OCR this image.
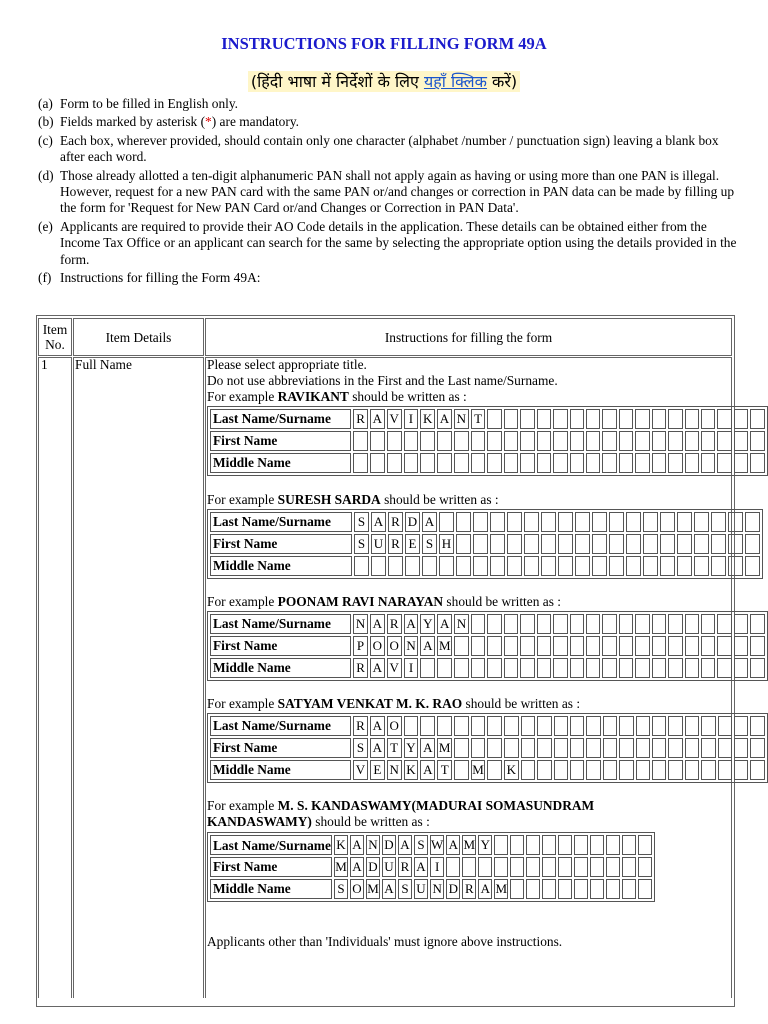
INSTRUCTIONS FOR FILLING FORM 49A
(हिंदी भाषा में निर्देशों के लिए यहाँ क्लिक करें)
(a) Form to be filled in English only.
(b) Fields marked by asterisk (*) are mandatory.
(c) Each box, wherever provided, should contain only one character (alphabet /number / punctuation sign) leaving a blank box after each word.
(d) Those already allotted a ten-digit alphanumeric PAN shall not apply again as having or using more than one PAN is illegal. However, request for a new PAN card with the same PAN or/and changes or correction in PAN data can be made by filling up the form for 'Request for New PAN Card or/and Changes or Correction in PAN Data'.
(e) Applicants are required to provide their AO Code details in the application. These details can be obtained either from the Income Tax Office or an applicant can search for the same by selecting the appropriate option using the details provided in the form.
(f) Instructions for filling the Form 49A:
Item No.	Item Details	Instructions for filling the form
1 Full Name	Please select appropriate title.
Do not use abbreviations in the First and the Last name/Surname.
For example RAVIKANT should be written as :
Last Name/Surname	R	A	V	I	K	A	N	T																	
First Name																									
Middle Name																									
For example SURESH SARDA should be written as :
Last Name/Surname	S	A	R	D	A																			
First Name	S	U	R	E	S	H																		
Middle Name																								
For example POONAM RAVI NARAYAN should be written as :
Last Name/Surname	N	A	R	A	Y	A	N																		
First Name	P	O	O	N	A	M																			
Middle Name	R	A	V	I																					
For example SATYAM VENKAT M. K. RAO should be written as :
Last Name/Surname	R	A	O																						
First Name	S	A	T	Y	A	M																			
Middle Name	V	E	N	K	A	T		M		K															
For example M. S. KANDASWAMY(MADURAI SOMASUNDRAM KANDASWAMY) should be written as :
Last Name/Surname	K	A	N	D	A	S	W	A	M	Y										
First Name	M	A	D	U	R	A	I													
Middle Name	S	O	M	A	S	U	N	D	R	A	M									
Applicants other than 'Individuals' must ignore above instructions.
